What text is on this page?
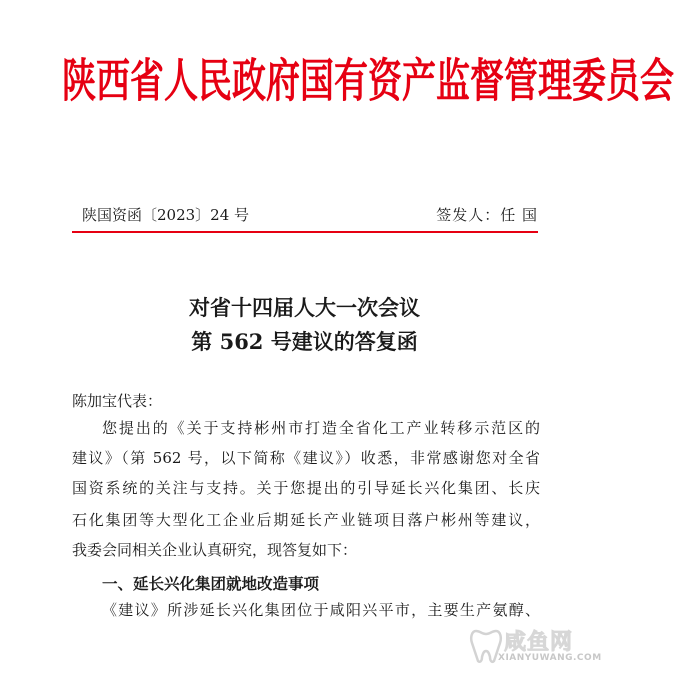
陕西省人民政府国有资产监督管理委员会
陕国资函〔2023〕24 号	签发人：任 国
对省十四届人大一次会议
第 562 号建议的答复函
陈加宝代表：
您提出的《关于支持彬州市打造全省化工产业转移示范区的
建议》（第 562 号，以下简称《建议》）收悉，非常感谢您对全省
国资系统的关注与支持。关于您提出的引导延长兴化集团、长庆
石化集团等大型化工企业后期延长产业链项目落户彬州等建议，
我委会同相关企业认真研究，现答复如下：
一、延长兴化集团就地改造事项
《建议》所涉延长兴化集团位于咸阳兴平市，主要生产氨醇、
咸鱼网
XIANYUWANG.COM
